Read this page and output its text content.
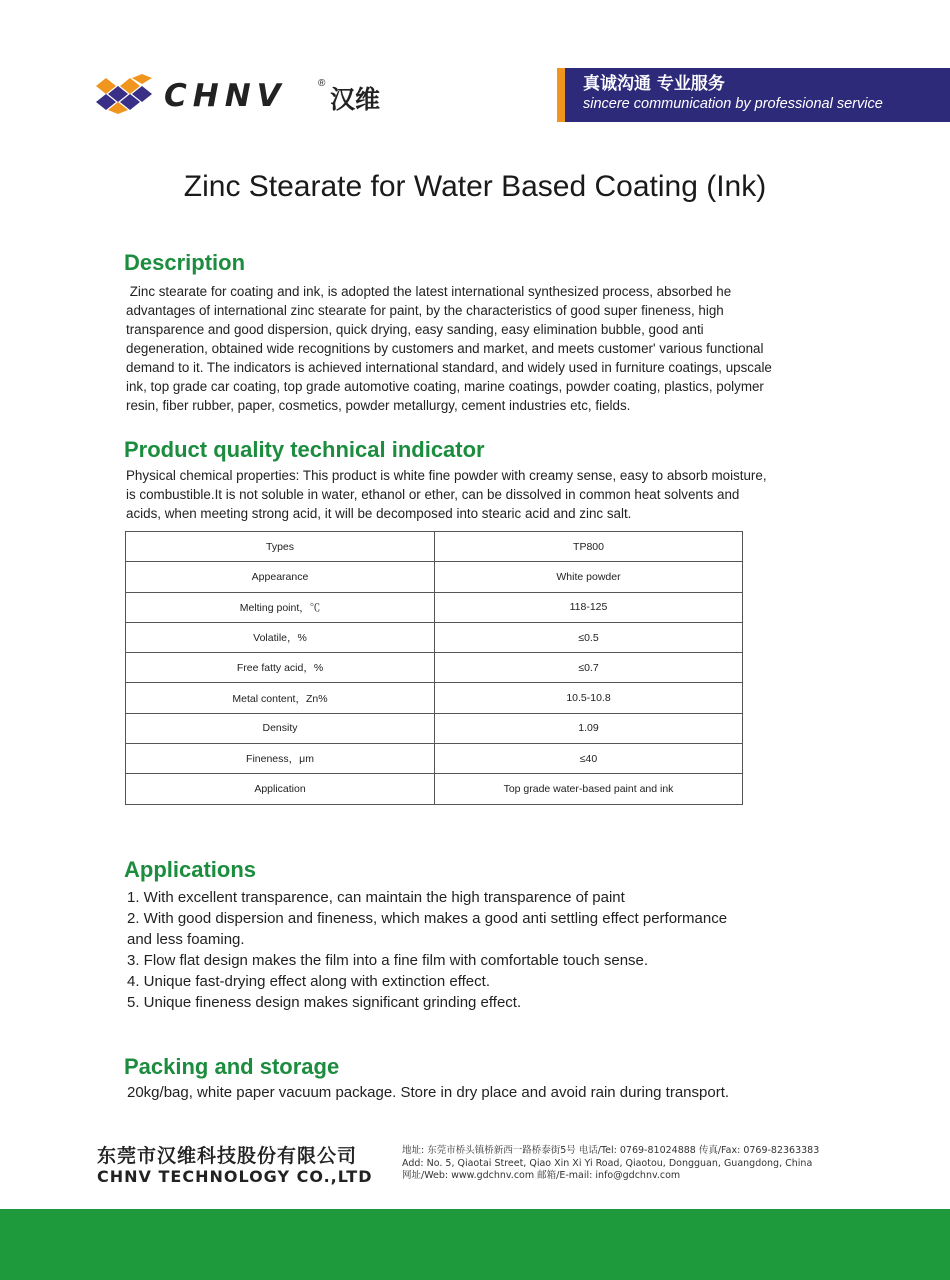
CHNV	®
汉维
真诚沟通 专业服务
sincere communication by professional service
Zinc Stearate for Water Based Coating (Ink)
Description
Zinc stearate for coating and ink, is adopted the latest international synthesized process, absorbed he
advantages of international zinc stearate for paint, by the characteristics of good super fineness, high
transparence and good dispersion, quick drying, easy sanding, easy elimination bubble, good anti
degeneration, obtained wide recognitions by customers and market, and meets customer' various functional
demand to it. The indicators is achieved international standard, and widely used in furniture coatings, upscale
ink, top grade car coating, top grade automotive coating, marine coatings, powder coating, plastics, polymer
resin, fiber rubber, paper, cosmetics, powder metallurgy, cement industries etc, fields.
Product quality technical indicator
Physical chemical properties: This product is white fine powder with creamy sense, easy to absorb moisture,
is combustible.It is not soluble in water, ethanol or ether, can be dissolved in common heat solvents and
acids, when meeting strong acid, it will be decomposed into stearic acid and zinc salt.
Types	TP800
Appearance	White powder
Melting point，℃	118-125
Volatile，%	≤0.5
Free fatty acid，%	≤0.7
Metal content，Zn%	10.5-10.8
Density	1.09
Fineness，μm	≤40
Application	Top grade water-based paint and ink
Applications
1. With excellent transparence, can maintain the high transparence of paint
2. With good dispersion and fineness, which makes a good anti settling effect performance
and less foaming.
3. Flow flat design makes the film into a fine film with comfortable touch sense.
4. Unique fast-drying effect along with extinction effect.
5. Unique fineness design makes significant grinding effect.
Packing and storage

20kg/bag, white paper vacuum package. Store in dry place and avoid rain during transport.

东莞市汉维科技股份有限公司
CHNV TECHNOLOGY CO.,LTD
地址: 东莞市桥头镇桥新西一路桥泰街5号 电话/Tel: 0769-81024888 传真/Fax: 0769-82363383
Add: No. 5, Qiaotai Street, Qiao Xin Xi Yi Road, Qiaotou, Dongguan, Guangdong, China
网址/Web: www.gdchnv.com 邮箱/E-mail: info@gdchnv.com
